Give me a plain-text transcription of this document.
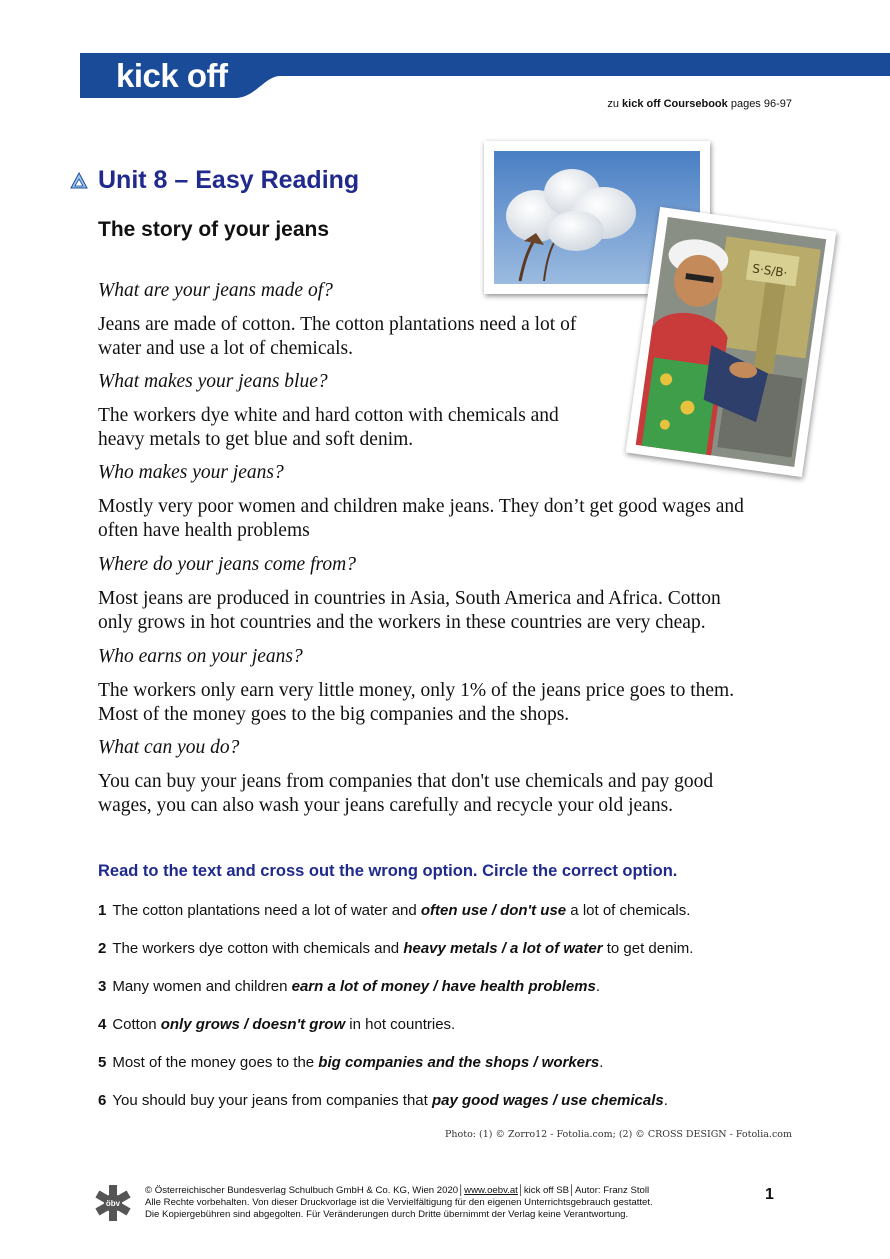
kick off
zu kick off Coursebook pages 96-97
Unit 8 – Easy Reading
The story of your jeans
S·S/B·
What are your jeans made of?
Jeans are made of cotton. The cotton plantations need a lot of
water and use a lot of chemicals.
What makes your jeans blue?
The workers dye white and hard cotton with chemicals and
heavy metals to get blue and soft denim.
Who makes your jeans?
Mostly very poor women and children make jeans. They don’t get good wages and
often have health problems
Where do your jeans come from?
Most jeans are produced in countries in Asia, South America and Africa. Cotton
only grows in hot countries and the workers in these countries are very cheap.
Who earns on your jeans?
The workers only earn very little money, only 1% of the jeans price goes to them.
Most of the money goes to the big companies and the shops.
What can you do?
You can buy your jeans from companies that don't use chemicals and pay good
wages, you can also wash your jeans carefully and recycle your old jeans.
Read to the text and cross out the wrong option. Circle the correct option.
1 The cotton plantations need a lot of water and often use / don't use a lot of chemicals.
2 The workers dye cotton with chemicals and heavy metals / a lot of water to get denim.
3 Many women and children earn a lot of money / have health problems.
4 Cotton only grows / doesn't grow in hot countries.
5 Most of the money goes to the big companies and the shops / workers.
6 You should buy your jeans from companies that pay good wages / use chemicals.
Photo: (1) © Zorro12 - Fotolia.com; (2) © CROSS DESIGN - Fotolia.com
öbv
© Österreichischer Bundesverlag Schulbuch GmbH & Co. KG, Wien 2020│www.oebv.at│kick off SB│Autor: Franz Stoll
Alle Rechte vorbehalten. Von dieser Druckvorlage ist die Vervielfältigung für den eigenen Unterrichtsgebrauch gestattet.
Die Kopiergebühren sind abgegolten. Für Veränderungen durch Dritte übernimmt der Verlag keine Verantwortung.
1
